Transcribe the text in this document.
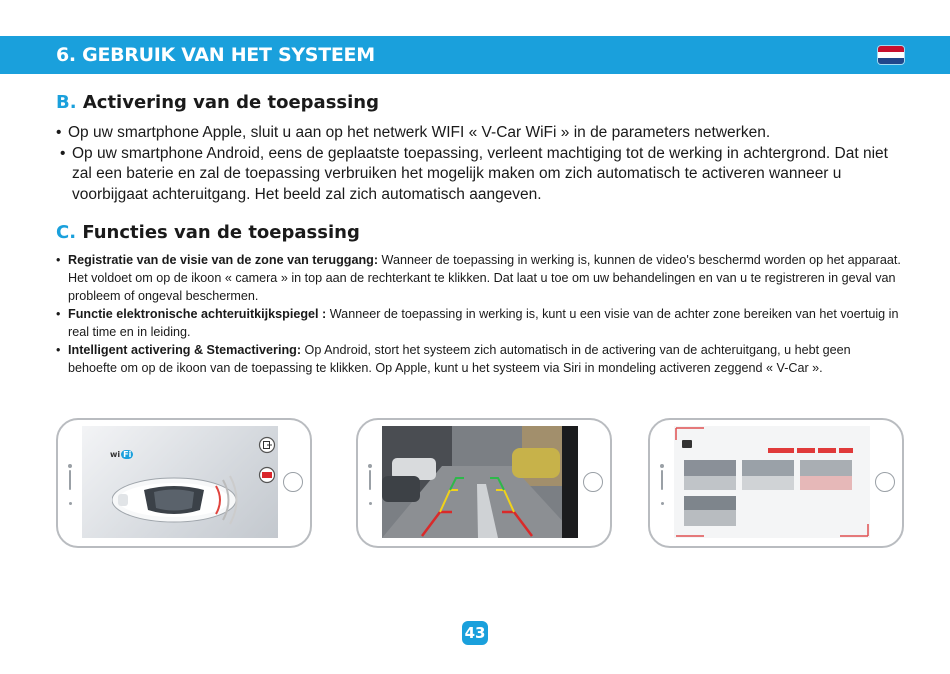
6. GEBRUIK VAN HET SYSTEEM
B. Activering van de toepassing
• Op uw smartphone Apple, sluit u aan op het netwerk WIFI « V-Car WiFi » in de parameters netwerken.
• Op uw smartphone Android, eens de geplaatste toepassing, verleent machtiging tot de werking in achtergrond. Dat niet zal een baterie en zal de toepassing verbruiken het mogelijk maken om zich automatisch te activeren wanneer u voorbijgaat achteruitgang. Het beeld zal zich automatisch aangeven.
C. Functies van de toepassing
• Registratie van de visie van de zone van teruggang: Wanneer de toepassing in werking is, kunnen de video's beschermd worden op het apparaat. Het voldoet om op de ikoon « camera » in top aan de rechterkant te klikken. Dat laat u toe om uw behandelingen en van u te registreren in geval van probleem of ongeval beschermen.
• Functie elektronische achteruitkijkspiegel : Wanneer de toepassing in werking is, kunt u een visie van de achter zone bereiken van het voertuig in real time en in leiding.
• Intelligent activering & Stemactivering: Op Android, stort het systeem zich automatisch in de activering van de achteruitgang, u hebt geen behoefte om op de ikoon van de toepassing te klikken. Op Apple, kunt u het systeem via Siri in mondeling activeren zeggend « V-Car ».
wi Fi
43
